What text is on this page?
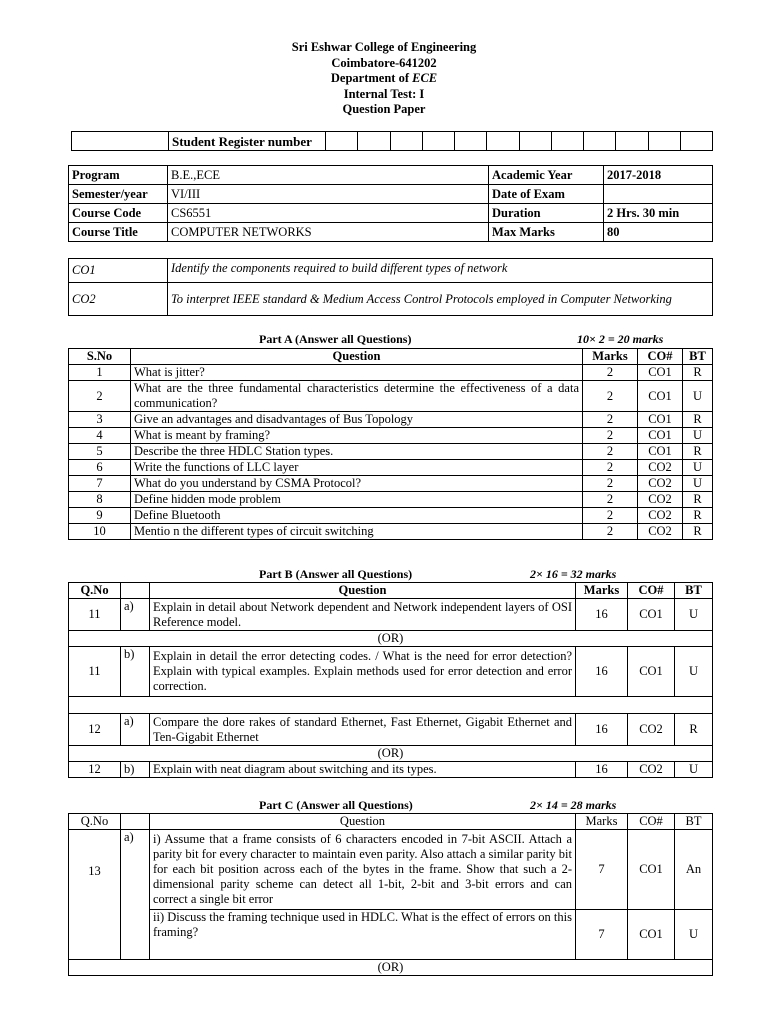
Sri Eshwar College of Engineering
Coimbatore-641202
Department of ECE
Internal Test: I
Question Paper
	Student Register number												
Program	B.E.,ECE	Academic Year	2017-2018
Semester/year	VI/III	Date of Exam	
Course Code	CS6551	Duration	2 Hrs. 30 min
Course Title	COMPUTER NETWORKS	Max Marks	80
CO1	Identify the components required to build different types of network
CO2	To interpret IEEE standard & Medium Access Control Protocols employed in Computer Networking
Part A (Answer all Questions)	10× 2 = 20 marks
S.No	Question	Marks	CO#	BT
1	What is jitter?	2	CO1	R
2	What are the three fundamental characteristics determine the effectiveness of a data communication?	2	CO1	U
3	Give an advantages and disadvantages of Bus Topology	2	CO1	R
4	What is meant by framing?	2	CO1	U
5	Describe the three HDLC Station types.	2	CO1	R
6	Write the functions of LLC layer	2	CO2	U
7	What do you understand by CSMA Protocol?	2	CO2	U
8	Define hidden mode problem	2	CO2	R
9	Define Bluetooth	2	CO2	R
10	Mentio n the different types of circuit switching	2	CO2	R
Part B (Answer all Questions)	2× 16 = 32 marks
Q.No		Question	Marks	CO#	BT
11	a)	Explain in detail about Network dependent and Network independent layers of OSI Reference model.	16	CO1	U
(OR)					
11	b)	Explain in detail the error detecting codes. / What is the need for error detection? Explain with typical examples. Explain methods used for error detection and error correction.	16	CO1	U

12	a)	Compare the dore rakes of standard Ethernet, Fast Ethernet, Gigabit Ethernet and Ten-Gigabit Ethernet	16	CO2	R
(OR)					
12	b)	Explain with neat diagram about switching and its types.	16	CO2	U
Part C (Answer all Questions)	2× 14 = 28 marks
Q.No		Question	Marks	CO#	BT
13	a)	i) Assume that a frame consists of 6 characters encoded in 7-bit ASCII. Attach a parity bit for every character to maintain even parity. Also attach a similar parity bit for each bit position across each of the bytes in the frame. Show that such a 2-dimensional parity scheme can detect all 1-bit, 2-bit and 3-bit errors and can correct a single bit error	7	CO1	An
		ii) Discuss the framing technique used in HDLC. What is the effect of errors on this framing?	7	CO1	U
(OR)					
